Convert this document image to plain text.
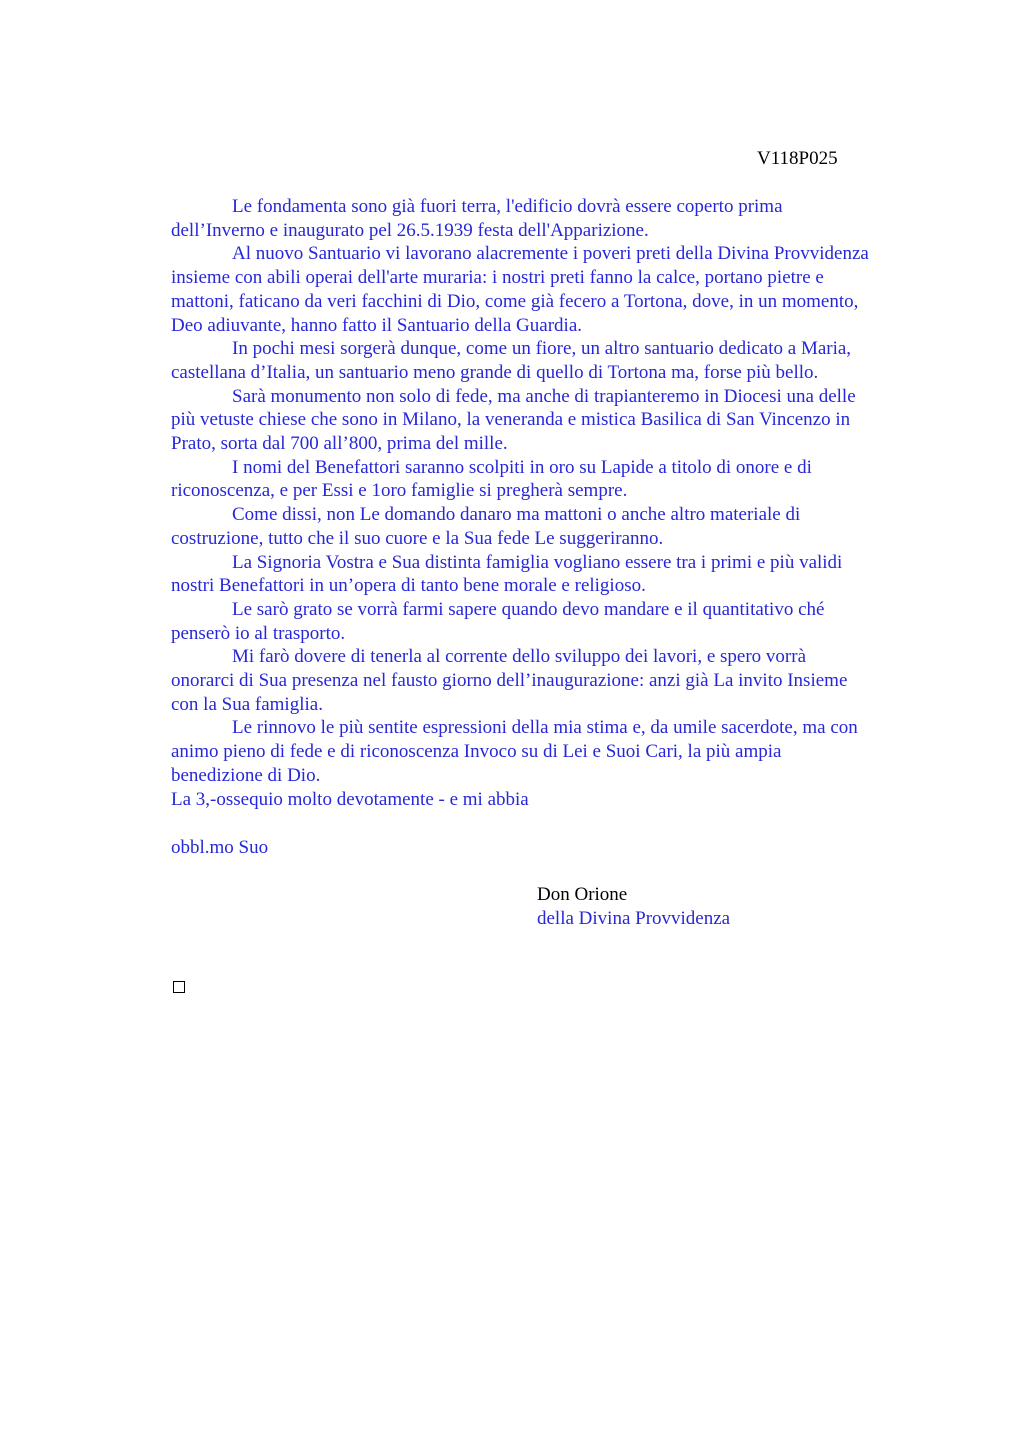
V118P025
Le fondamenta sono già fuori terra, l'edificio dovrà essere coperto prima
dell’Inverno e inaugurato pel 26.5.1939 festa dell'Apparizione.
Al nuovo Santuario vi lavorano alacremente i poveri preti della Divina Provvidenza
insieme con abili operai dell'arte muraria: i nostri preti fanno la calce, portano pietre e
mattoni, faticano da veri facchini di Dio, come già fecero a Tortona, dove, in un momento,
Deo adiuvante, hanno fatto il Santuario della Guardia.
In pochi mesi sorgerà dunque, come un fiore, un altro santuario dedicato a Maria,
castellana d’Italia, un santuario meno grande di quello di Tortona ma, forse più bello.
Sarà monumento non solo di fede, ma anche di trapianteremo in Diocesi una delle
più vetuste chiese che sono in Milano, la veneranda e mistica Basilica di San Vincenzo in
Prato, sorta dal 700 all’800, prima del mille.
I nomi del Benefattori saranno scolpiti in oro su Lapide a titolo di onore e di
riconoscenza, e per Essi e 1oro famiglie si pregherà sempre.
Come dissi, non Le domando danaro ma mattoni o anche altro materiale di
costruzione, tutto che il suo cuore e la Sua fede Le suggeriranno.
La Signoria Vostra e Sua distinta famiglia vogliano essere tra i primi e più validi
nostri Benefattori in un’opera di tanto bene morale e religioso.
Le sarò grato se vorrà farmi sapere quando devo mandare e il quantitativo ché
penserò io al trasporto.
Mi farò dovere di tenerla al corrente dello sviluppo dei lavori, e spero vorrà
onorarci di Sua presenza nel fausto giorno dell’inaugurazione: anzi già La invito Insieme
con la Sua famiglia.
Le rinnovo le più sentite espressioni della mia stima e, da umile sacerdote, ma con
animo pieno di fede e di riconoscenza Invoco su di Lei e Suoi Cari, la più ampia
benedizione di Dio.
La 3,-ossequio molto devotamente - e mi abbia
obbl.mo Suo
Don Orione
della Divina Provvidenza
